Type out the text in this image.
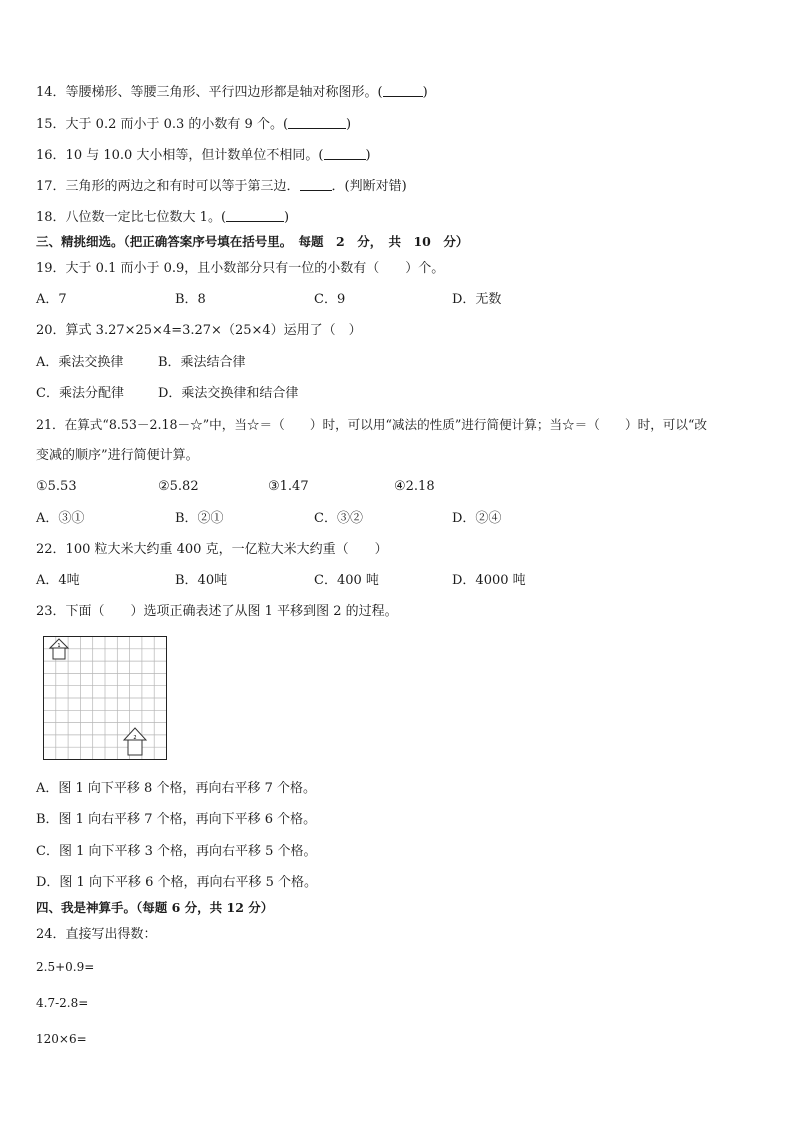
14．等腰梯形、等腰三角形、平行四边形都是轴对称图形。(	)
15．大于 0.2 而小于 0.3 的小数有 9 个。(	)
16．10 与 10.0 大小相等，但计数单位不相同。(	)
17．三角形的两边之和有时可以等于第三边． ．(判断对错)
18．八位数一定比七位数大 1。(	)
三、精挑细选。（把正确答案序号填在括号里。　每题　2　分，　共　10　分）
19．大于 0.1 而小于 0.9，且小数部分只有一位的小数有（　　）个。
A．7	B．8	C．9	D．无数
20．算式 3.27×25×4=3.27×（25×4）运用了（　）
A．乘法交换律	B．乘法结合律
C．乘法分配律	D．乘法交换律和结合律
21．在算式“8.53－2.18－☆”中，当☆＝（　　）时，可以用“减法的性质”进行简便计算；当☆＝（　　）时，可以“改
变减的顺序”进行简便计算。
①5.53	②5.82	③1.47	④2.18
A．③①	B．②①	C．③②	D．②④
22．100 粒大米大约重 400 克，一亿粒大米大约重（　　）
A．4吨	B．40吨	C．400 吨	D．4000 吨
23．下面（　　）选项正确表述了从图 1 平移到图 2 的过程。
1
2
A．图 1 向下平移 8 个格，再向右平移 7 个格。
B．图 1 向右平移 7 个格，再向下平移 6 个格。
C．图 1 向下平移 3 个格，再向右平移 5 个格。
D．图 1 向下平移 6 个格，再向右平移 5 个格。
四、我是神算手。（每题 6 分，共 12 分）
24．直接写出得数：
2.5+0.9=
4.7-2.8=
120×6=
